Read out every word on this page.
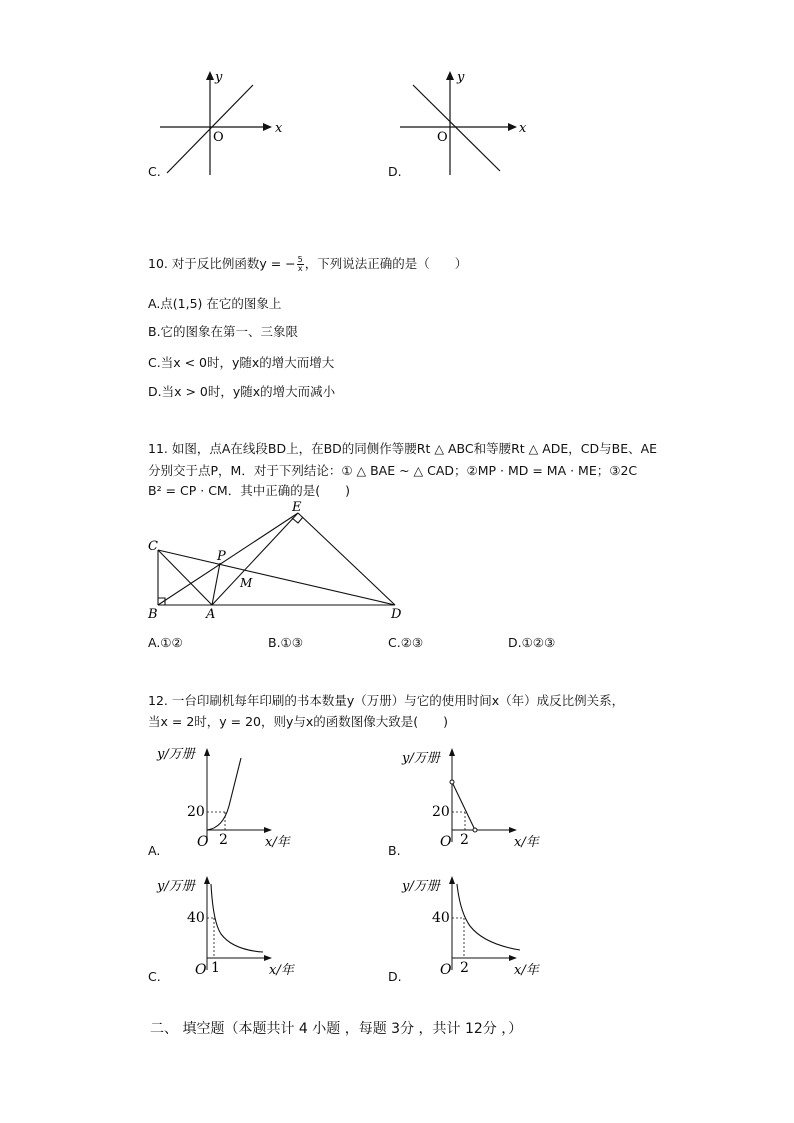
y
x
O
C.
y
x
O
D.
10. 对于反比例函数y = − $\frac{5}{x}$ ，下列说法正确的是（　　）
A.点(1,5) 在它的图象上
B.它的图象在第一、三象限
C.当x < 0时，y随x的增大而增大
D.当x > 0时，y随x的增大而减小
11. 如图，点A在线段BD上，在BD的同侧作等腰Rt △ ABC和等腰Rt △ ADE，CD与BE、AE
分别交于点P，M．对于下列结论：① △ BAE ~ △ CAD；②MP · MD = MA · ME；③2C
B² = CP · CM．其中正确的是(　　)
C
E
P
M
B	A	D
A.①②	B.①③	C.②③	D.①②③
12. 一台印刷机每年印刷的书本数量y（万册）与它的使用时间x（年）成反比例关系，
当x = 2时，y = 20，则y与x的函数图像大致是(　　)
y/万册
20
O 2	x/年
A.
y/万册
20
O 2	x/年
B.
y/万册
40
O 1	x/年
C.
y/万册
40
O 2	x/年
D.
二、 填空题（本题共计 4 小题 ，每题 3分 ，共计 12分 ，）
